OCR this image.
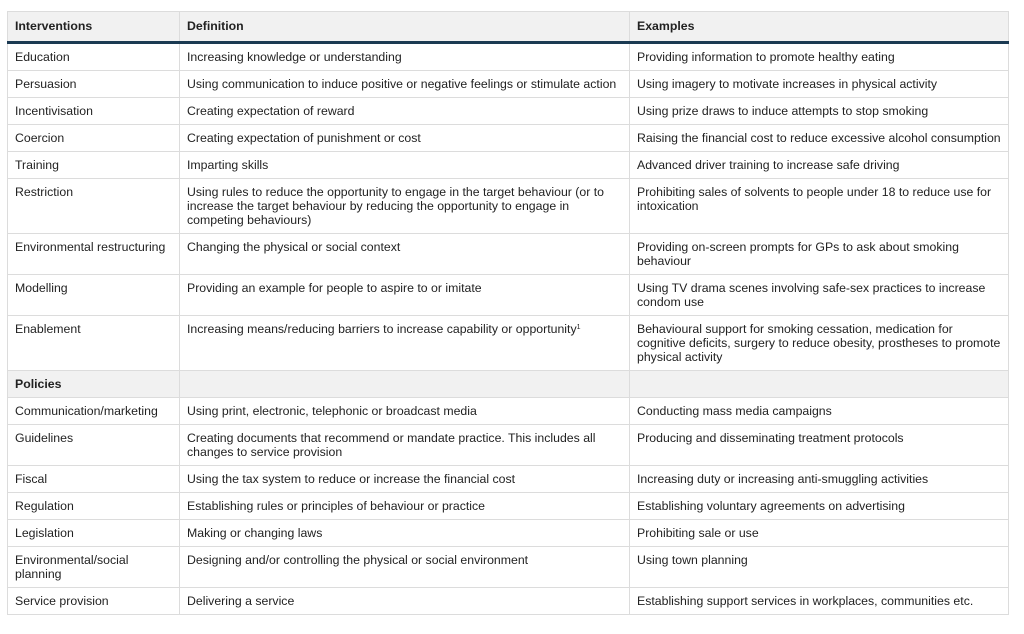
Interventions	Definition	Examples
Education	Increasing knowledge or understanding	Providing information to promote healthy eating
Persuasion	Using communication to induce positive or negative feelings or stimulate action	Using imagery to motivate increases in physical activity
Incentivisation	Creating expectation of reward	Using prize draws to induce attempts to stop smoking
Coercion	Creating expectation of punishment or cost	Raising the financial cost to reduce excessive alcohol consumption
Training	Imparting skills	Advanced driver training to increase safe driving
Restriction	Using rules to reduce the opportunity to engage in the target behaviour (or to increase the target behaviour by reducing the opportunity to engage in competing behaviours)	Prohibiting sales of solvents to people under 18 to reduce use for intoxication
Environmental restructuring	Changing the physical or social context	Providing on-screen prompts for GPs to ask about smoking behaviour
Modelling	Providing an example for people to aspire to or imitate	Using TV drama scenes involving safe-sex practices to increase condom use
Enablement	Increasing means/reducing barriers to increase capability or opportunity$^1$	Behavioural support for smoking cessation, medication for cognitive deficits, surgery to reduce obesity, prostheses to promote physical activity
Policies		
Communication/marketing	Using print, electronic, telephonic or broadcast media	Conducting mass media campaigns
Guidelines	Creating documents that recommend or mandate practice. This includes all changes to service provision	Producing and disseminating treatment protocols
Fiscal	Using the tax system to reduce or increase the financial cost	Increasing duty or increasing anti-smuggling activities
Regulation	Establishing rules or principles of behaviour or practice	Establishing voluntary agreements on advertising
Legislation	Making or changing laws	Prohibiting sale or use
Environmental/social planning	Designing and/or controlling the physical or social environment	Using town planning
Service provision	Delivering a service	Establishing support services in workplaces, communities etc.
